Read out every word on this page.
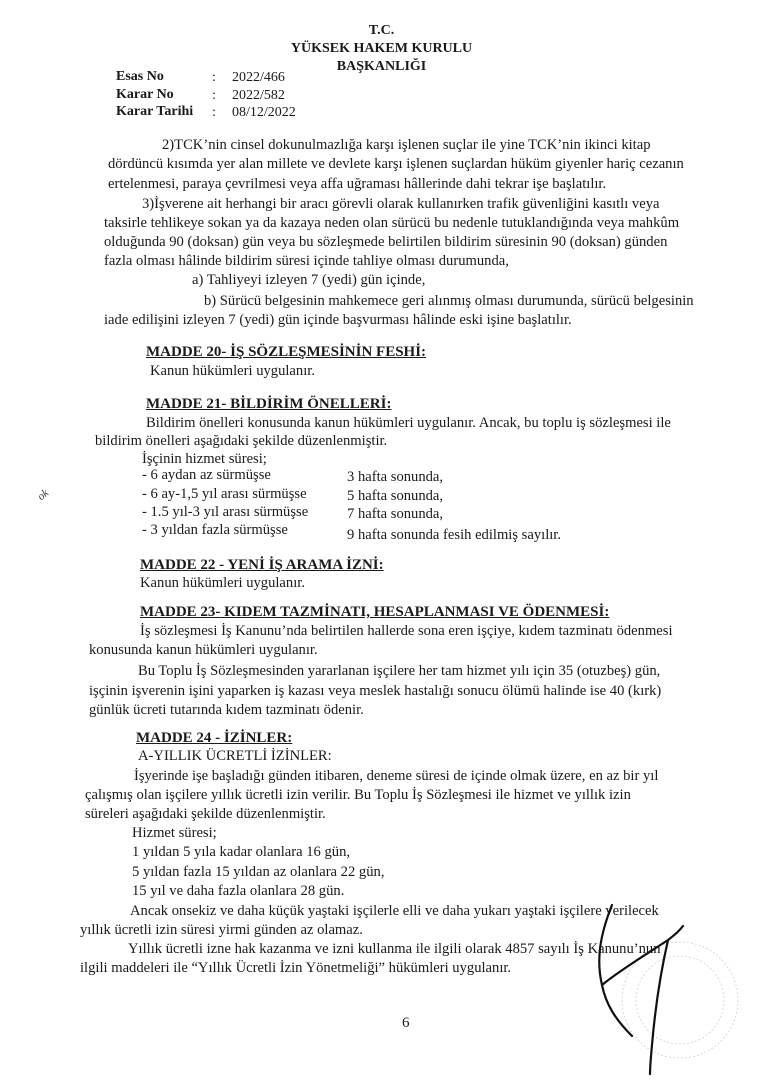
T.C.
YÜKSEK HAKEM KURULU
BAŞKANLIĞI
Esas No	: 2022/466
Karar No	: 2022/582
Karar Tarihi : 08/12/2022
2)TCK’nin cinsel dokunulmazlığa karşı işlenen suçlar ile yine TCK’nin ikinci kitap
dördüncü kısımda yer alan millete ve devlete karşı işlenen suçlardan hüküm giyenler hariç cezanın
ertelenmesi, paraya çevrilmesi veya affa uğraması hâllerinde dahi tekrar işe başlatılır.
3)İşverene ait herhangi bir aracı görevli olarak kullanırken trafik güvenliğini kasıtlı veya
taksirle tehlikeye sokan ya da kazaya neden olan sürücü bu nedenle tutuklandığında veya mahkûm
olduğunda 90 (doksan) gün veya bu sözleşmede belirtilen bildirim süresinin 90 (doksan) günden
fazla olması hâlinde bildirim süresi içinde tahliye olması durumunda,
a) Tahliyeyi izleyen 7 (yedi) gün içinde,
b) Sürücü belgesinin mahkemece geri alınmış olması durumunda, sürücü belgesinin
iade edilişini izleyen 7 (yedi) gün içinde başvurması hâlinde eski işine başlatılır.
MADDE 20- İŞ SÖZLEŞMESİNİN FESHİ:
Kanun hükümleri uygulanır.
MADDE 21- BİLDİRİM ÖNELLERİ:
Bildirim önelleri konusunda kanun hükümleri uygulanır. Ancak, bu toplu iş sözleşmesi ile
bildirim önelleri aşağıdaki şekilde düzenlenmiştir.
İşçinin hizmet süresi;
- 6 aydan az sürmüşse	3 hafta sonunda,
- 6 ay-1,5 yıl arası sürmüşse	5 hafta sonunda,
- 1.5 yıl-3 yıl arası sürmüşse	7 hafta sonunda,
- 3 yıldan fazla sürmüşse	9 hafta sonunda fesih edilmiş sayılır.
ok
MADDE 22 - YENİ İŞ ARAMA İZNİ:
Kanun hükümleri uygulanır.
MADDE 23- KIDEM TAZMİNATI, HESAPLANMASI VE ÖDENMESİ:
İş sözleşmesi İş Kanunu’nda belirtilen hallerde sona eren işçiye, kıdem tazminatı ödenmesi
konusunda kanun hükümleri uygulanır.
Bu Toplu İş Sözleşmesinden yararlanan işçilere her tam hizmet yılı için 35 (otuzbeş) gün,
işçinin işverenin işini yaparken iş kazası veya meslek hastalığı sonucu ölümü halinde ise 40 (kırk)
günlük ücreti tutarında kıdem tazminatı ödenir.
MADDE 24 - İZİNLER:
A-YILLIK ÜCRETLİ İZİNLER:
İşyerinde işe başladığı günden itibaren, deneme süresi de içinde olmak üzere, en az bir yıl
çalışmış olan işçilere yıllık ücretli izin verilir. Bu Toplu İş Sözleşmesi ile hizmet ve yıllık izin
süreleri aşağıdaki şekilde düzenlenmiştir.
Hizmet süresi;
1 yıldan 5 yıla kadar olanlara 16 gün,
5 yıldan fazla 15 yıldan az olanlara 22 gün,
15 yıl ve daha fazla olanlara 28 gün.
Ancak onsekiz ve daha küçük yaştaki işçilerle elli ve daha yukarı yaştaki işçilere verilecek
yıllık ücretli izin süresi yirmi günden az olamaz.
Yıllık ücretli izne hak kazanma ve izni kullanma ile ilgili olarak 4857 sayılı İş Kanunu’nun
ilgili maddeleri ile “Yıllık Ücretli İzin Yönetmeliği” hükümleri uygulanır.
6
